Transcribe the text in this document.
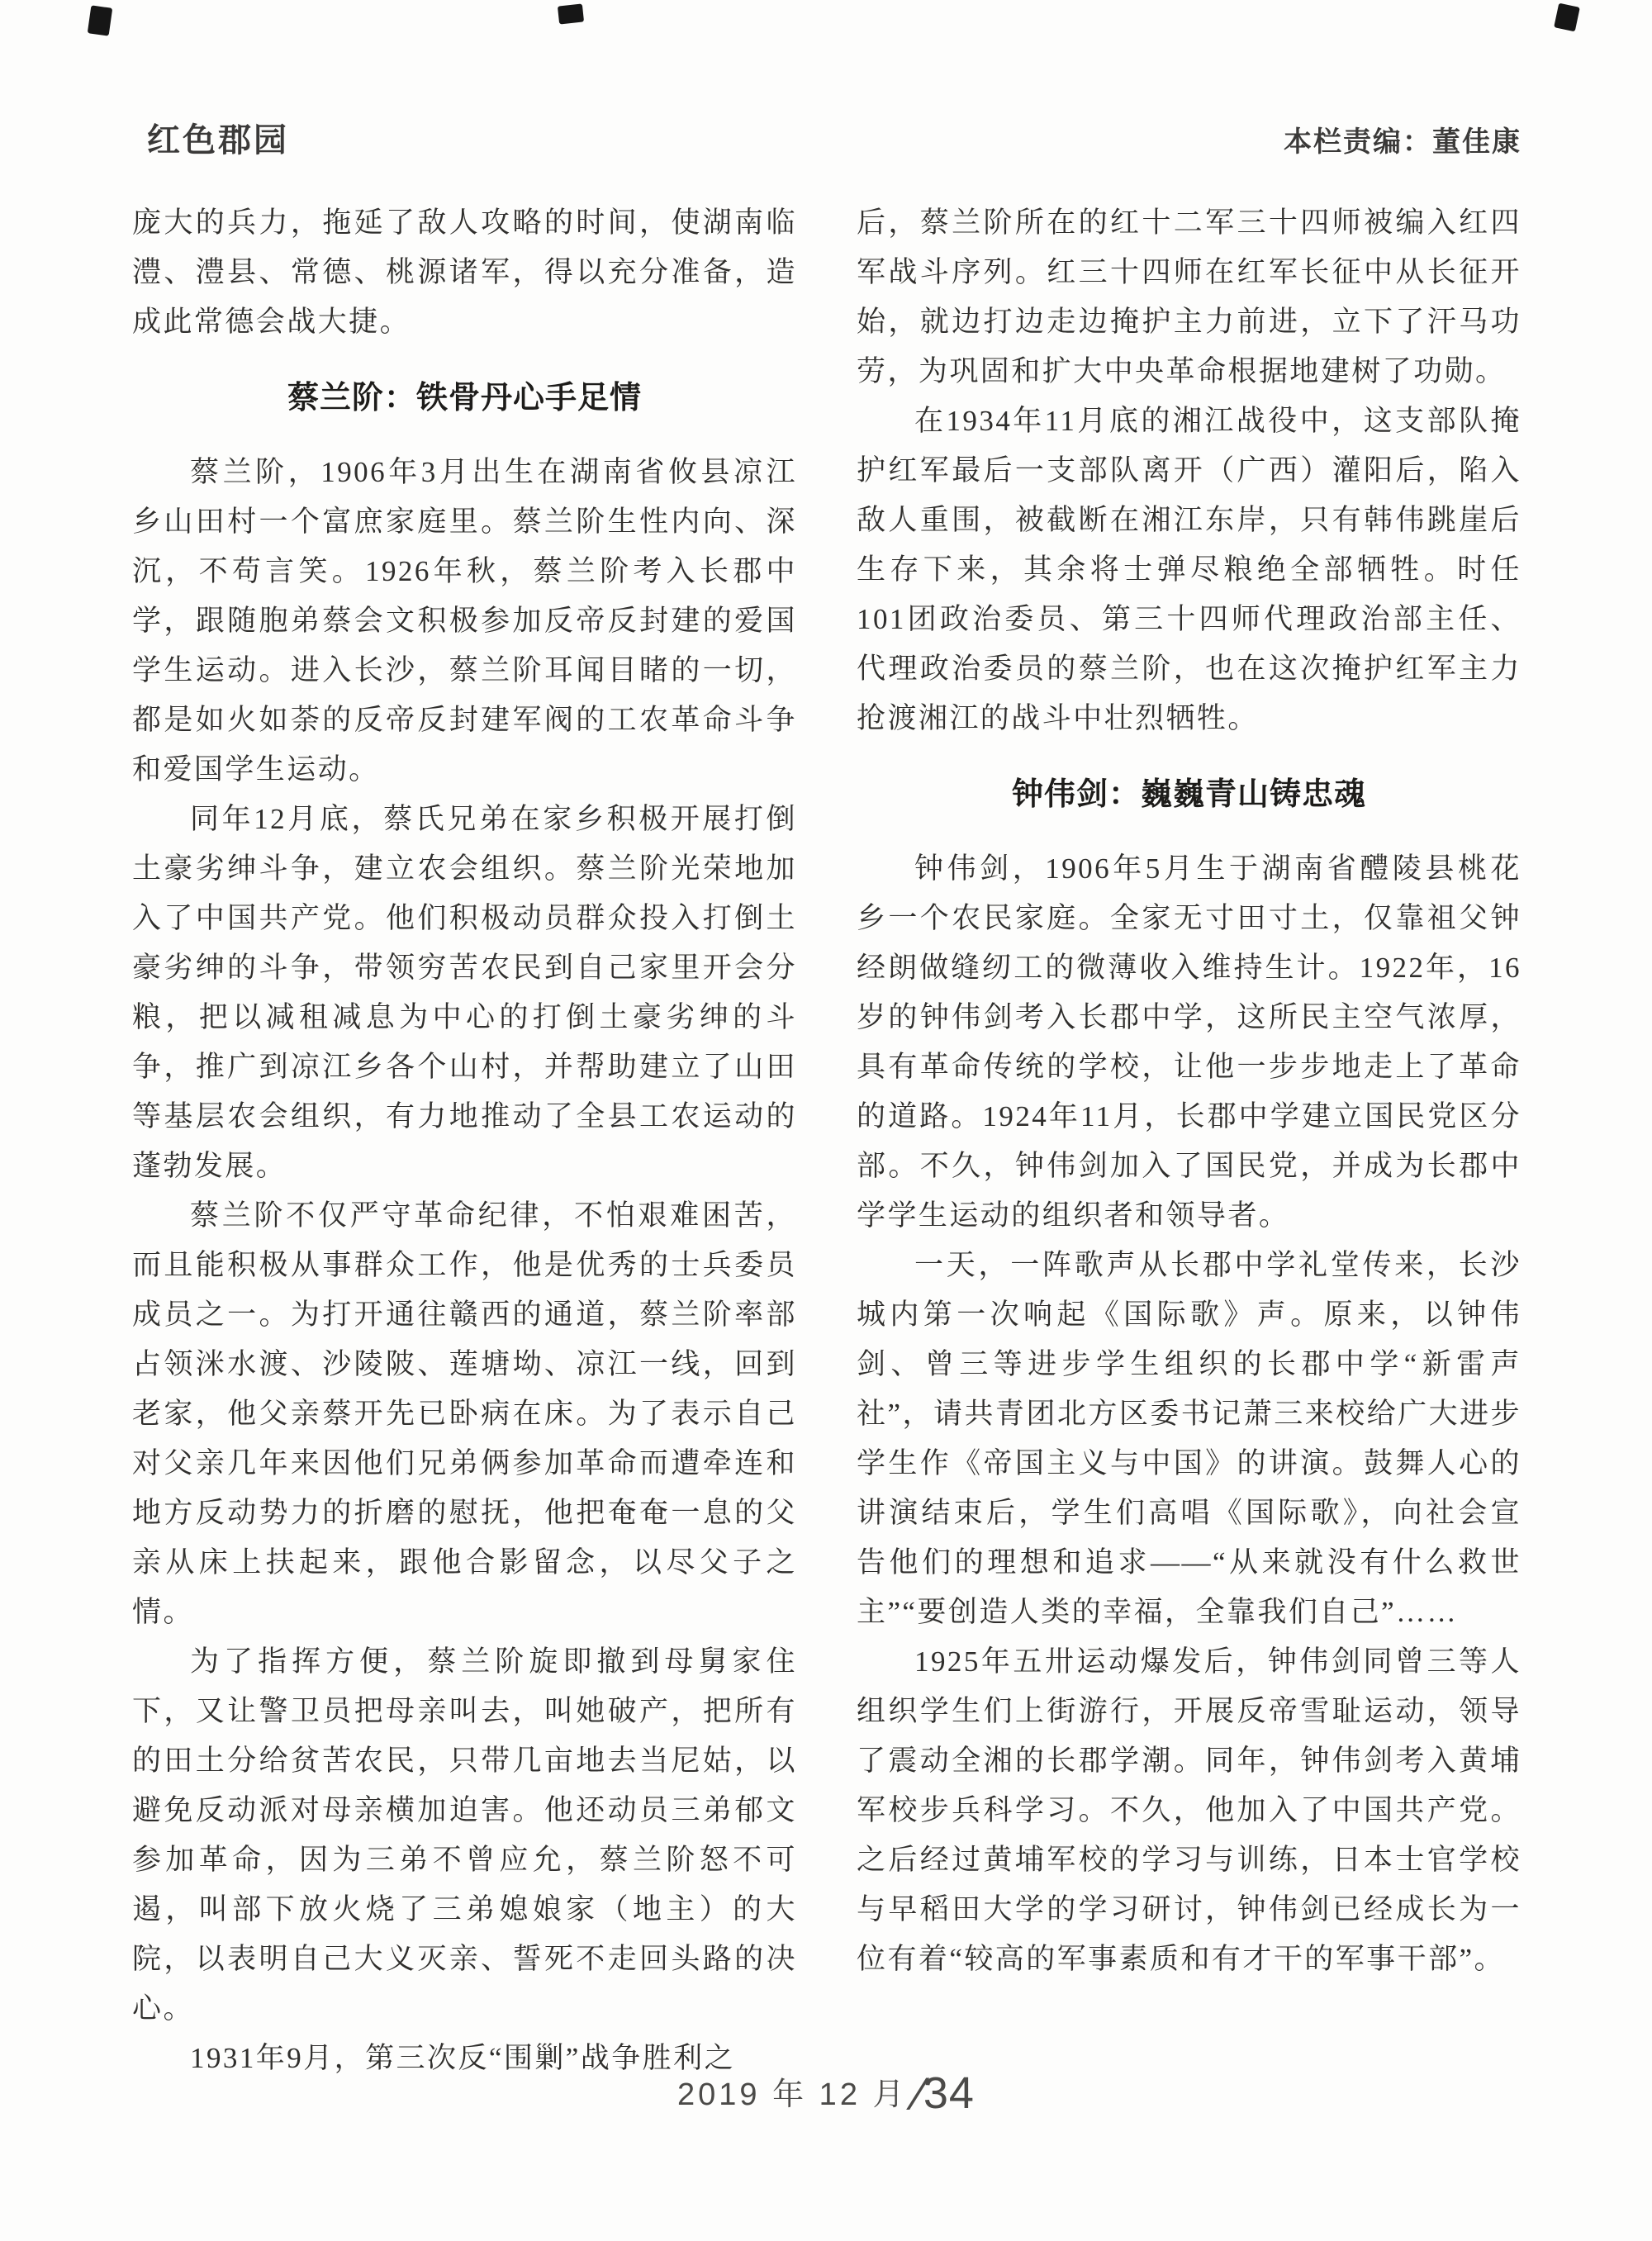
红色郡园	本栏责编：董佳康

庞大的兵力，拖延了敌人攻略的时间，使湖南临澧、澧县、常德、桃源诸军，得以充分准备，造成此常德会战大捷。

蔡兰阶：铁骨丹心手足情

蔡兰阶，1906年3月出生在湖南省攸县凉江乡山田村一个富庶家庭里。蔡兰阶生性内向、深沉，不苟言笑。1926年秋，蔡兰阶考入长郡中学，跟随胞弟蔡会文积极参加反帝反封建的爱国学生运动。进入长沙，蔡兰阶耳闻目睹的一切，都是如火如荼的反帝反封建军阀的工农革命斗争和爱国学生运动。

同年12月底，蔡氏兄弟在家乡积极开展打倒土豪劣绅斗争，建立农会组织。蔡兰阶光荣地加入了中国共产党。他们积极动员群众投入打倒土豪劣绅的斗争，带领穷苦农民到自己家里开会分粮，把以减租减息为中心的打倒土豪劣绅的斗争，推广到凉江乡各个山村，并帮助建立了山田等基层农会组织，有力地推动了全县工农运动的蓬勃发展。

蔡兰阶不仅严守革命纪律，不怕艰难困苦，而且能积极从事群众工作，他是优秀的士兵委员成员之一。为打开通往赣西的通道，蔡兰阶率部占领洣水渡、沙陵陂、莲塘坳、凉江一线，回到老家，他父亲蔡开先已卧病在床。为了表示自己对父亲几年来因他们兄弟俩参加革命而遭牵连和地方反动势力的折磨的慰抚，他把奄奄一息的父亲从床上扶起来，跟他合影留念，以尽父子之情。

为了指挥方便，蔡兰阶旋即撤到母舅家住下，又让警卫员把母亲叫去，叫她破产，把所有的田土分给贫苦农民，只带几亩地去当尼姑，以避免反动派对母亲横加迫害。他还动员三弟郁文参加革命，因为三弟不曾应允，蔡兰阶怒不可遏，叫部下放火烧了三弟媳娘家（地主）的大院，以表明自己大义灭亲、誓死不走回头路的决心。

1931年9月，第三次反“围剿”战争胜利之

后，蔡兰阶所在的红十二军三十四师被编入红四军战斗序列。红三十四师在红军长征中从长征开始，就边打边走边掩护主力前进，立下了汗马功劳，为巩固和扩大中央革命根据地建树了功勋。

在1934年11月底的湘江战役中，这支部队掩护红军最后一支部队离开（广西）灌阳后，陷入敌人重围，被截断在湘江东岸，只有韩伟跳崖后生存下来，其余将士弹尽粮绝全部牺牲。时任101团政治委员、第三十四师代理政治部主任、代理政治委员的蔡兰阶，也在这次掩护红军主力抢渡湘江的战斗中壮烈牺牲。

钟伟剑：巍巍青山铸忠魂

钟伟剑，1906年5月生于湖南省醴陵县桃花乡一个农民家庭。全家无寸田寸土，仅靠祖父钟经朗做缝纫工的微薄收入维持生计。1922年，16岁的钟伟剑考入长郡中学，这所民主空气浓厚，具有革命传统的学校，让他一步步地走上了革命的道路。1924年11月，长郡中学建立国民党区分部。不久，钟伟剑加入了国民党，并成为长郡中学学生运动的组织者和领导者。

一天，一阵歌声从长郡中学礼堂传来，长沙城内第一次响起《国际歌》声。原来，以钟伟剑、曾三等进步学生组织的长郡中学“新雷声社”，请共青团北方区委书记萧三来校给广大进步学生作《帝国主义与中国》的讲演。鼓舞人心的讲演结束后，学生们高唱《国际歌》，向社会宣告他们的理想和追求——“从来就没有什么救世主”“要创造人类的幸福，全靠我们自己”……

1925年五卅运动爆发后，钟伟剑同曾三等人组织学生们上街游行，开展反帝雪耻运动，领导了震动全湘的长郡学潮。同年，钟伟剑考入黄埔军校步兵科学习。不久，他加入了中国共产党。之后经过黄埔军校的学习与训练，日本士官学校与早稻田大学的学习研讨，钟伟剑已经成长为一位有着“较高的军事素质和有才干的军事干部”。

2019 年 12 月 ∕34
